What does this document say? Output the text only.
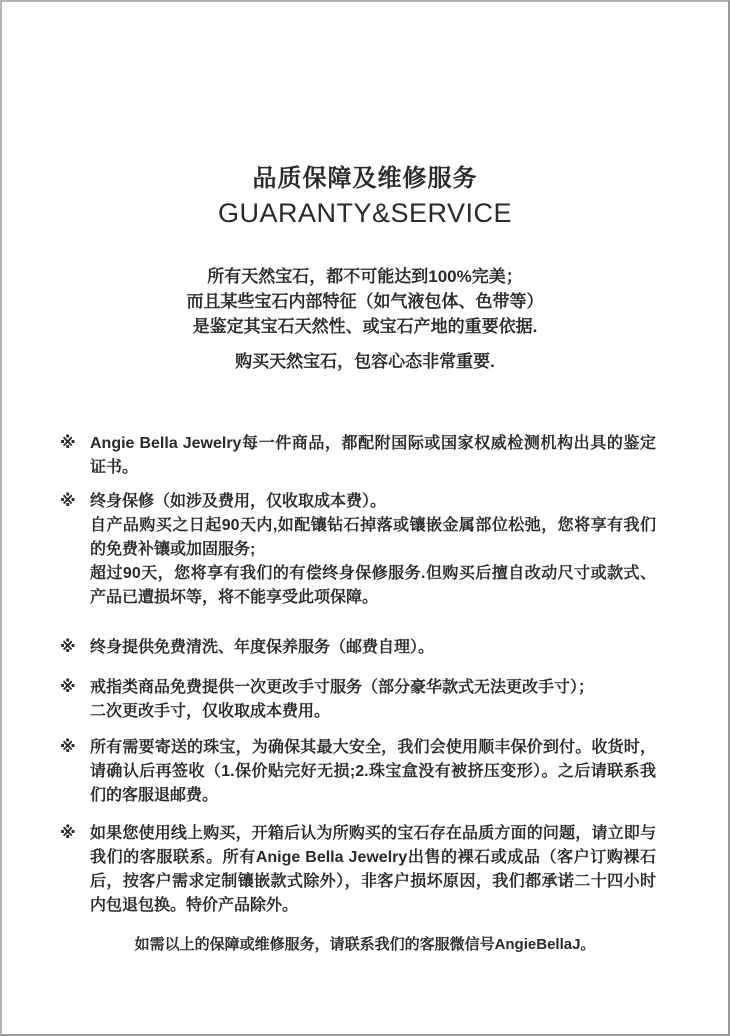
品质保障及维修服务
GUARANTY&SERVICE

所有天然宝石，都不可能达到100%完美；

而且某些宝石内部特征（如气液包体、色带等）

是鉴定其宝石天然性、或宝石产地的重要依据.

购买天然宝石，包容心态非常重要.

※ Angie Bella Jewelry每一件商品，都配附国际或国家权威检测机构出具的鉴定证书。

※ 终身保修（如涉及费用，仅收取成本费）。

自产品购买之日起90天内,如配镶钻石掉落或镶嵌金属部位松弛，您将享有我们的免费补镶或加固服务;

超过90天，您将享有我们的有偿终身保修服务.但购买后擅自改动尺寸或款式、产品已遭损坏等，将不能享受此项保障。

※ 终身提供免费清洗、年度保养服务（邮费自理）。

※ 戒指类商品免费提供一次更改手寸服务（部分豪华款式无法更改手寸）；

二次更改手寸，仅收取成本费用。

※ 所有需要寄送的珠宝，为确保其最大安全，我们会使用顺丰保价到付。收货时，请确认后再签收（1.保价贴完好无损;2.珠宝盒没有被挤压变形）。之后请联系我们的客服退邮费。

※ 如果您使用线上购买，开箱后认为所购买的宝石存在品质方面的问题，请立即与我们的客服联系。所有Anige Bella Jewelry出售的裸石或成品（客户订购裸石后，按客户需求定制镶嵌款式除外），非客户损坏原因，我们都承诺二十四小时内包退包换。特价产品除外。

如需以上的保障或维修服务，请联系我们的客服微信号AngieBellaJ。
